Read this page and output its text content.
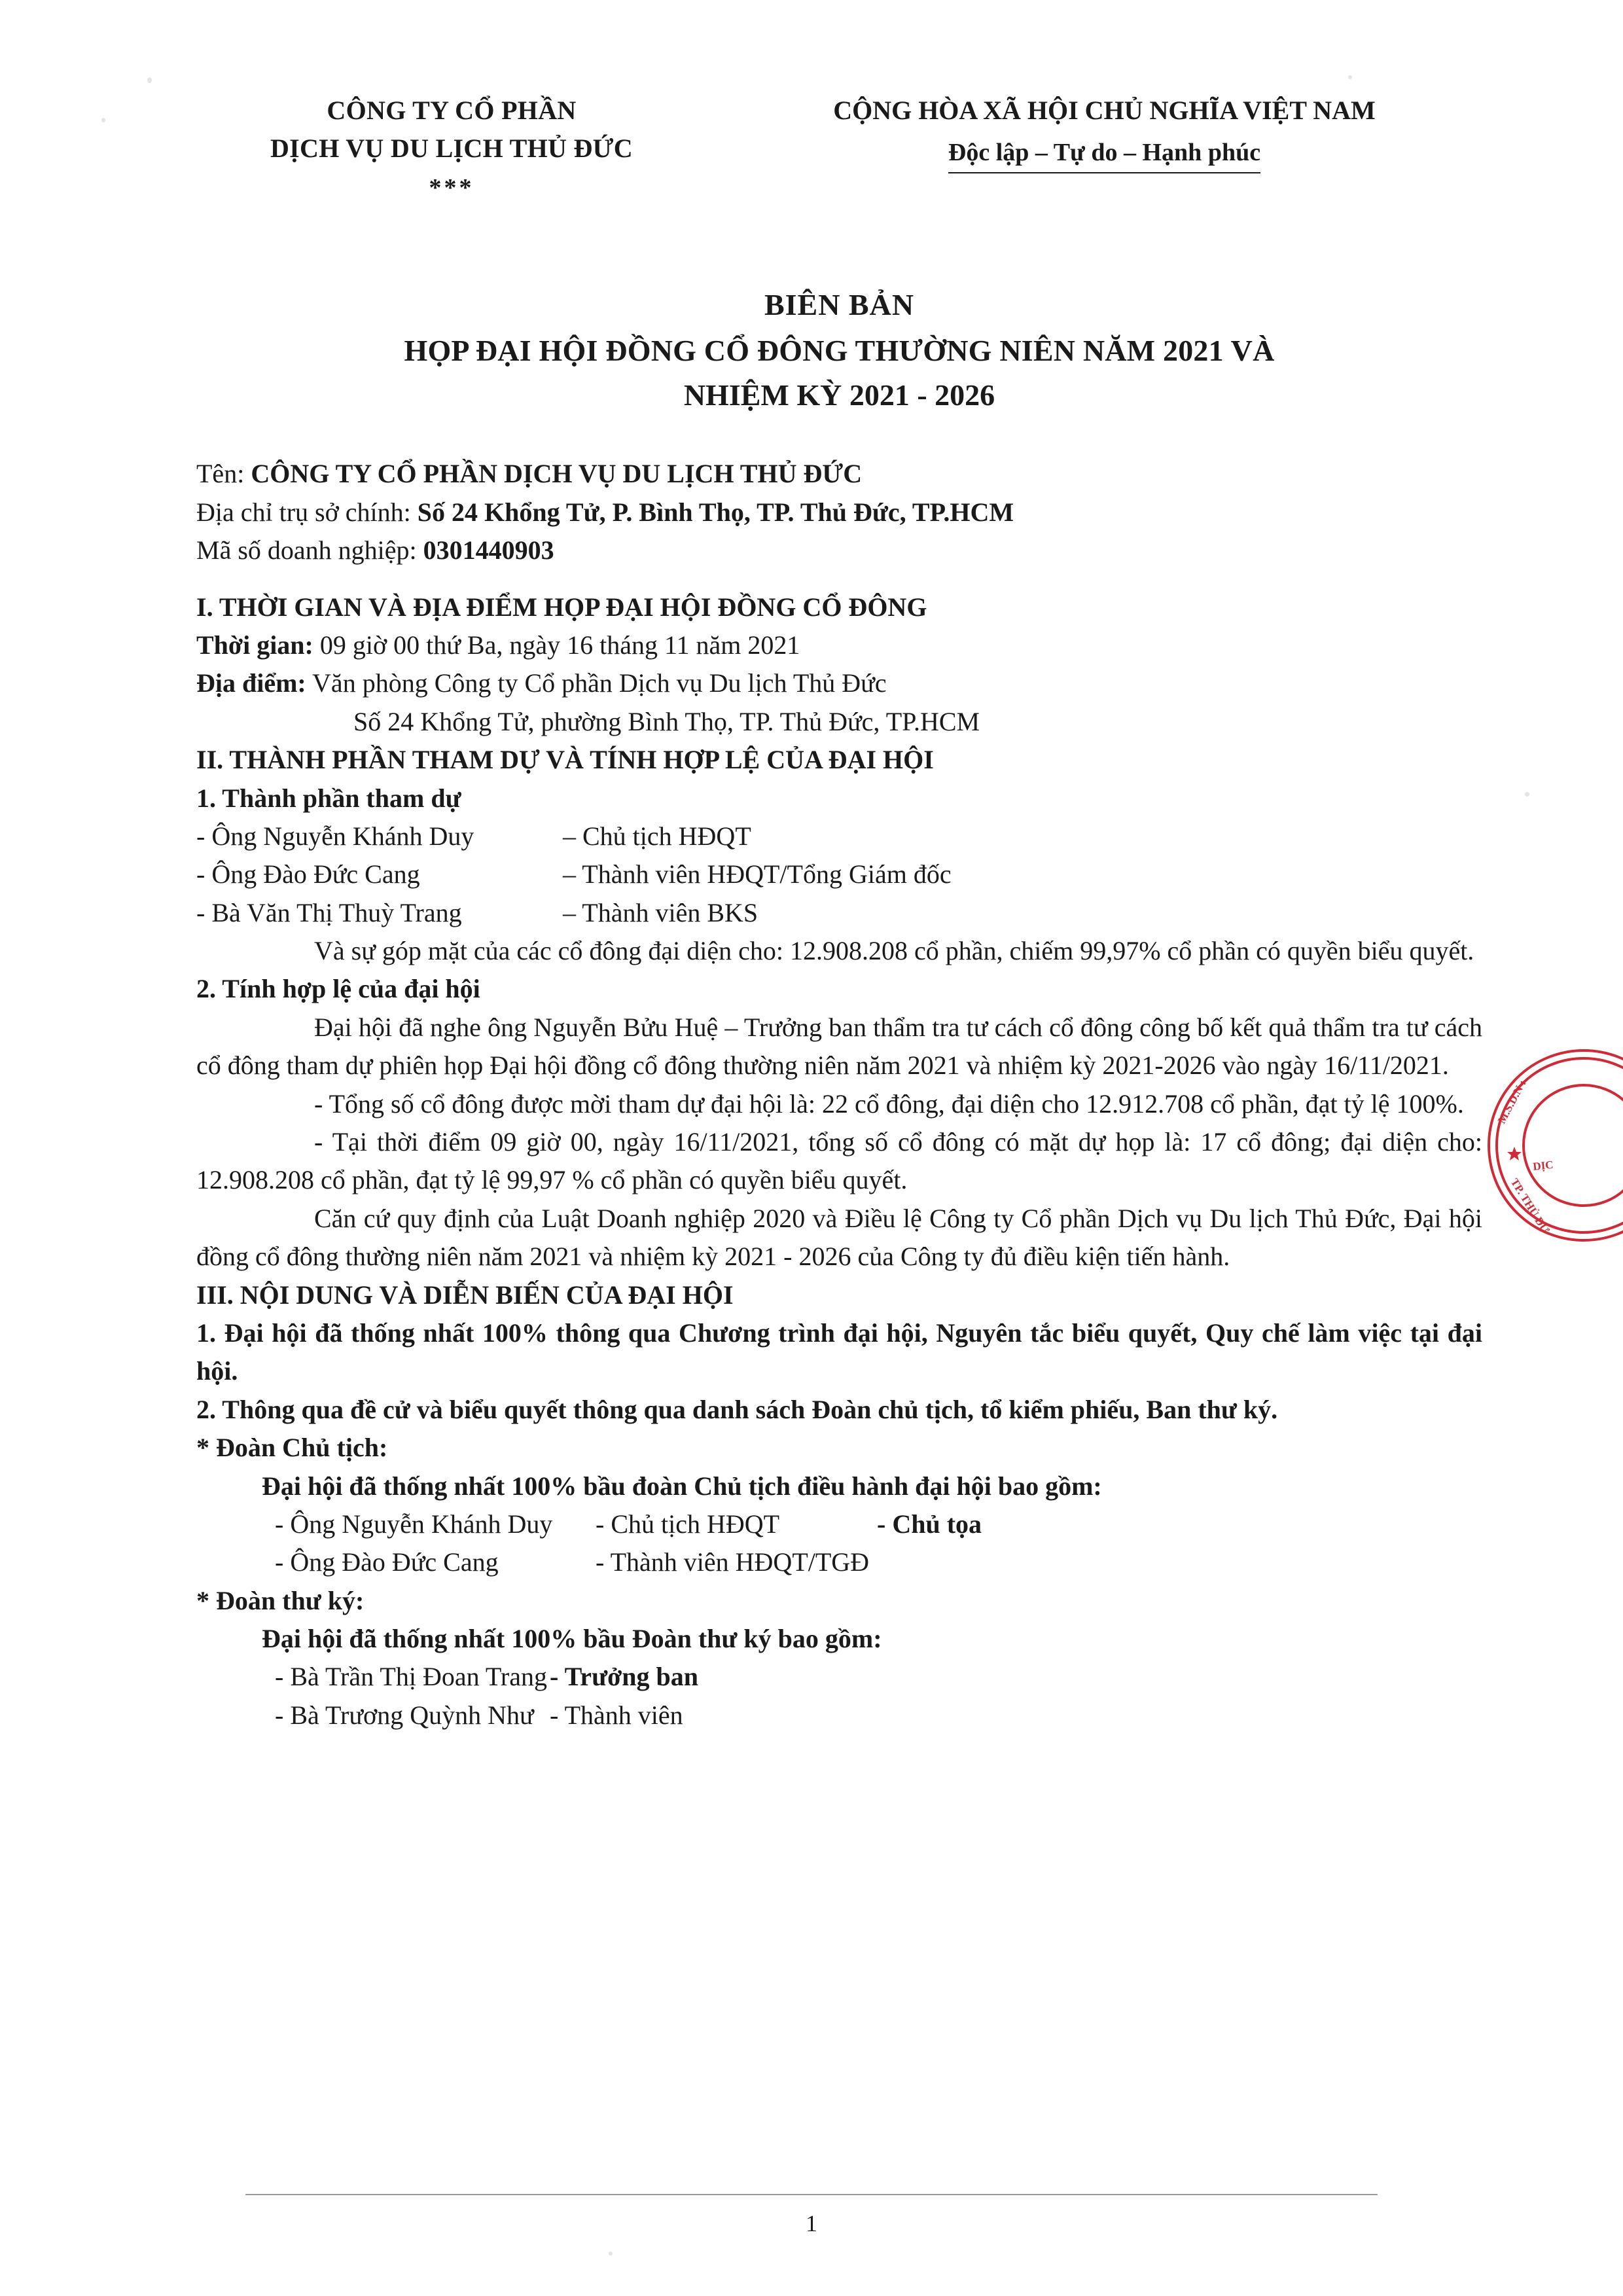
CÔNG TY CỔ PHẦN
DỊCH VỤ DU LỊCH THỦ ĐỨC
***
CỘNG HÒA XÃ HỘI CHỦ NGHĨA VIỆT NAM
Độc lập – Tự do – Hạnh phúc
BIÊN BẢN
HỌP ĐẠI HỘI ĐỒNG CỔ ĐÔNG THƯỜNG NIÊN NĂM 2021 VÀ
NHIỆM KỲ 2021 - 2026

Tên: CÔNG TY CỔ PHẦN DỊCH VỤ DU LỊCH THỦ ĐỨC

Địa chỉ trụ sở chính: Số 24 Khổng Tử, P. Bình Thọ, TP. Thủ Đức, TP.HCM

Mã số doanh nghiệp: 0301440903

I. THỜI GIAN VÀ ĐỊA ĐIỂM HỌP ĐẠI HỘI ĐỒNG CỔ ĐÔNG

Thời gian: 09 giờ 00 thứ Ba, ngày 16 tháng 11 năm 2021

Địa điểm: Văn phòng Công ty Cổ phần Dịch vụ Du lịch Thủ Đức

Số 24 Khổng Tử, phường Bình Thọ, TP. Thủ Đức, TP.HCM

II. THÀNH PHẦN THAM DỰ VÀ TÍNH HỢP LỆ CỦA ĐẠI HỘI

1. Thành phần tham dự

- Ông Nguyễn Khánh Duy	– Chủ tịch HĐQT
- Ông Đào Đức Cang	– Thành viên HĐQT/Tổng Giám đốc
- Bà Văn Thị Thuỳ Trang	– Thành viên BKS

Và sự góp mặt của các cổ đông đại diện cho: 12.908.208 cổ phần, chiếm 99,97% cổ phần có quyền biểu quyết.

2. Tính hợp lệ của đại hội

Đại hội đã nghe ông Nguyễn Bửu Huệ – Trưởng ban thẩm tra tư cách cổ đông công bố kết quả thẩm tra tư cách cổ đông tham dự phiên họp Đại hội đồng cổ đông thường niên năm 2021 và nhiệm kỳ 2021-2026 vào ngày 16/11/2021.

- Tổng số cổ đông được mời tham dự đại hội là: 22 cổ đông, đại diện cho 12.912.708 cổ phần, đạt tỷ lệ 100%.

- Tại thời điểm 09 giờ 00, ngày 16/11/2021, tổng số cổ đông có mặt dự họp là: 17 cổ đông; đại diện cho: 12.908.208 cổ phần, đạt tỷ lệ 99,97 % cổ phần có quyền biểu quyết.

Căn cứ quy định của Luật Doanh nghiệp 2020 và Điều lệ Công ty Cổ phần Dịch vụ Du lịch Thủ Đức, Đại hội đồng cổ đông thường niên năm 2021 và nhiệm kỳ 2021 - 2026 của Công ty đủ điều kiện tiến hành.

III. NỘI DUNG VÀ DIỄN BIẾN CỦA ĐẠI HỘI

1. Đại hội đã thống nhất 100% thông qua Chương trình đại hội, Nguyên tắc biểu quyết, Quy chế làm việc tại đại hội.

2. Thông qua đề cử và biểu quyết thông qua danh sách Đoàn chủ tịch, tổ kiểm phiếu, Ban thư ký.

* Đoàn Chủ tịch:

Đại hội đã thống nhất 100% bầu đoàn Chủ tịch điều hành đại hội bao gồm:

- Ông Nguyễn Khánh Duy	- Chủ tịch HĐQT	- Chủ tọa
- Ông Đào Đức Cang	- Thành viên HĐQT/TGĐ

* Đoàn thư ký:

Đại hội đã thống nhất 100% bầu Đoàn thư ký bao gồm:

- Bà Trần Thị Đoan Trang - Trưởng ban
- Bà Trương Quỳnh Như - Thành viên
M.S.D.N :
TP. THỦ ĐỨ
DỊC
1
